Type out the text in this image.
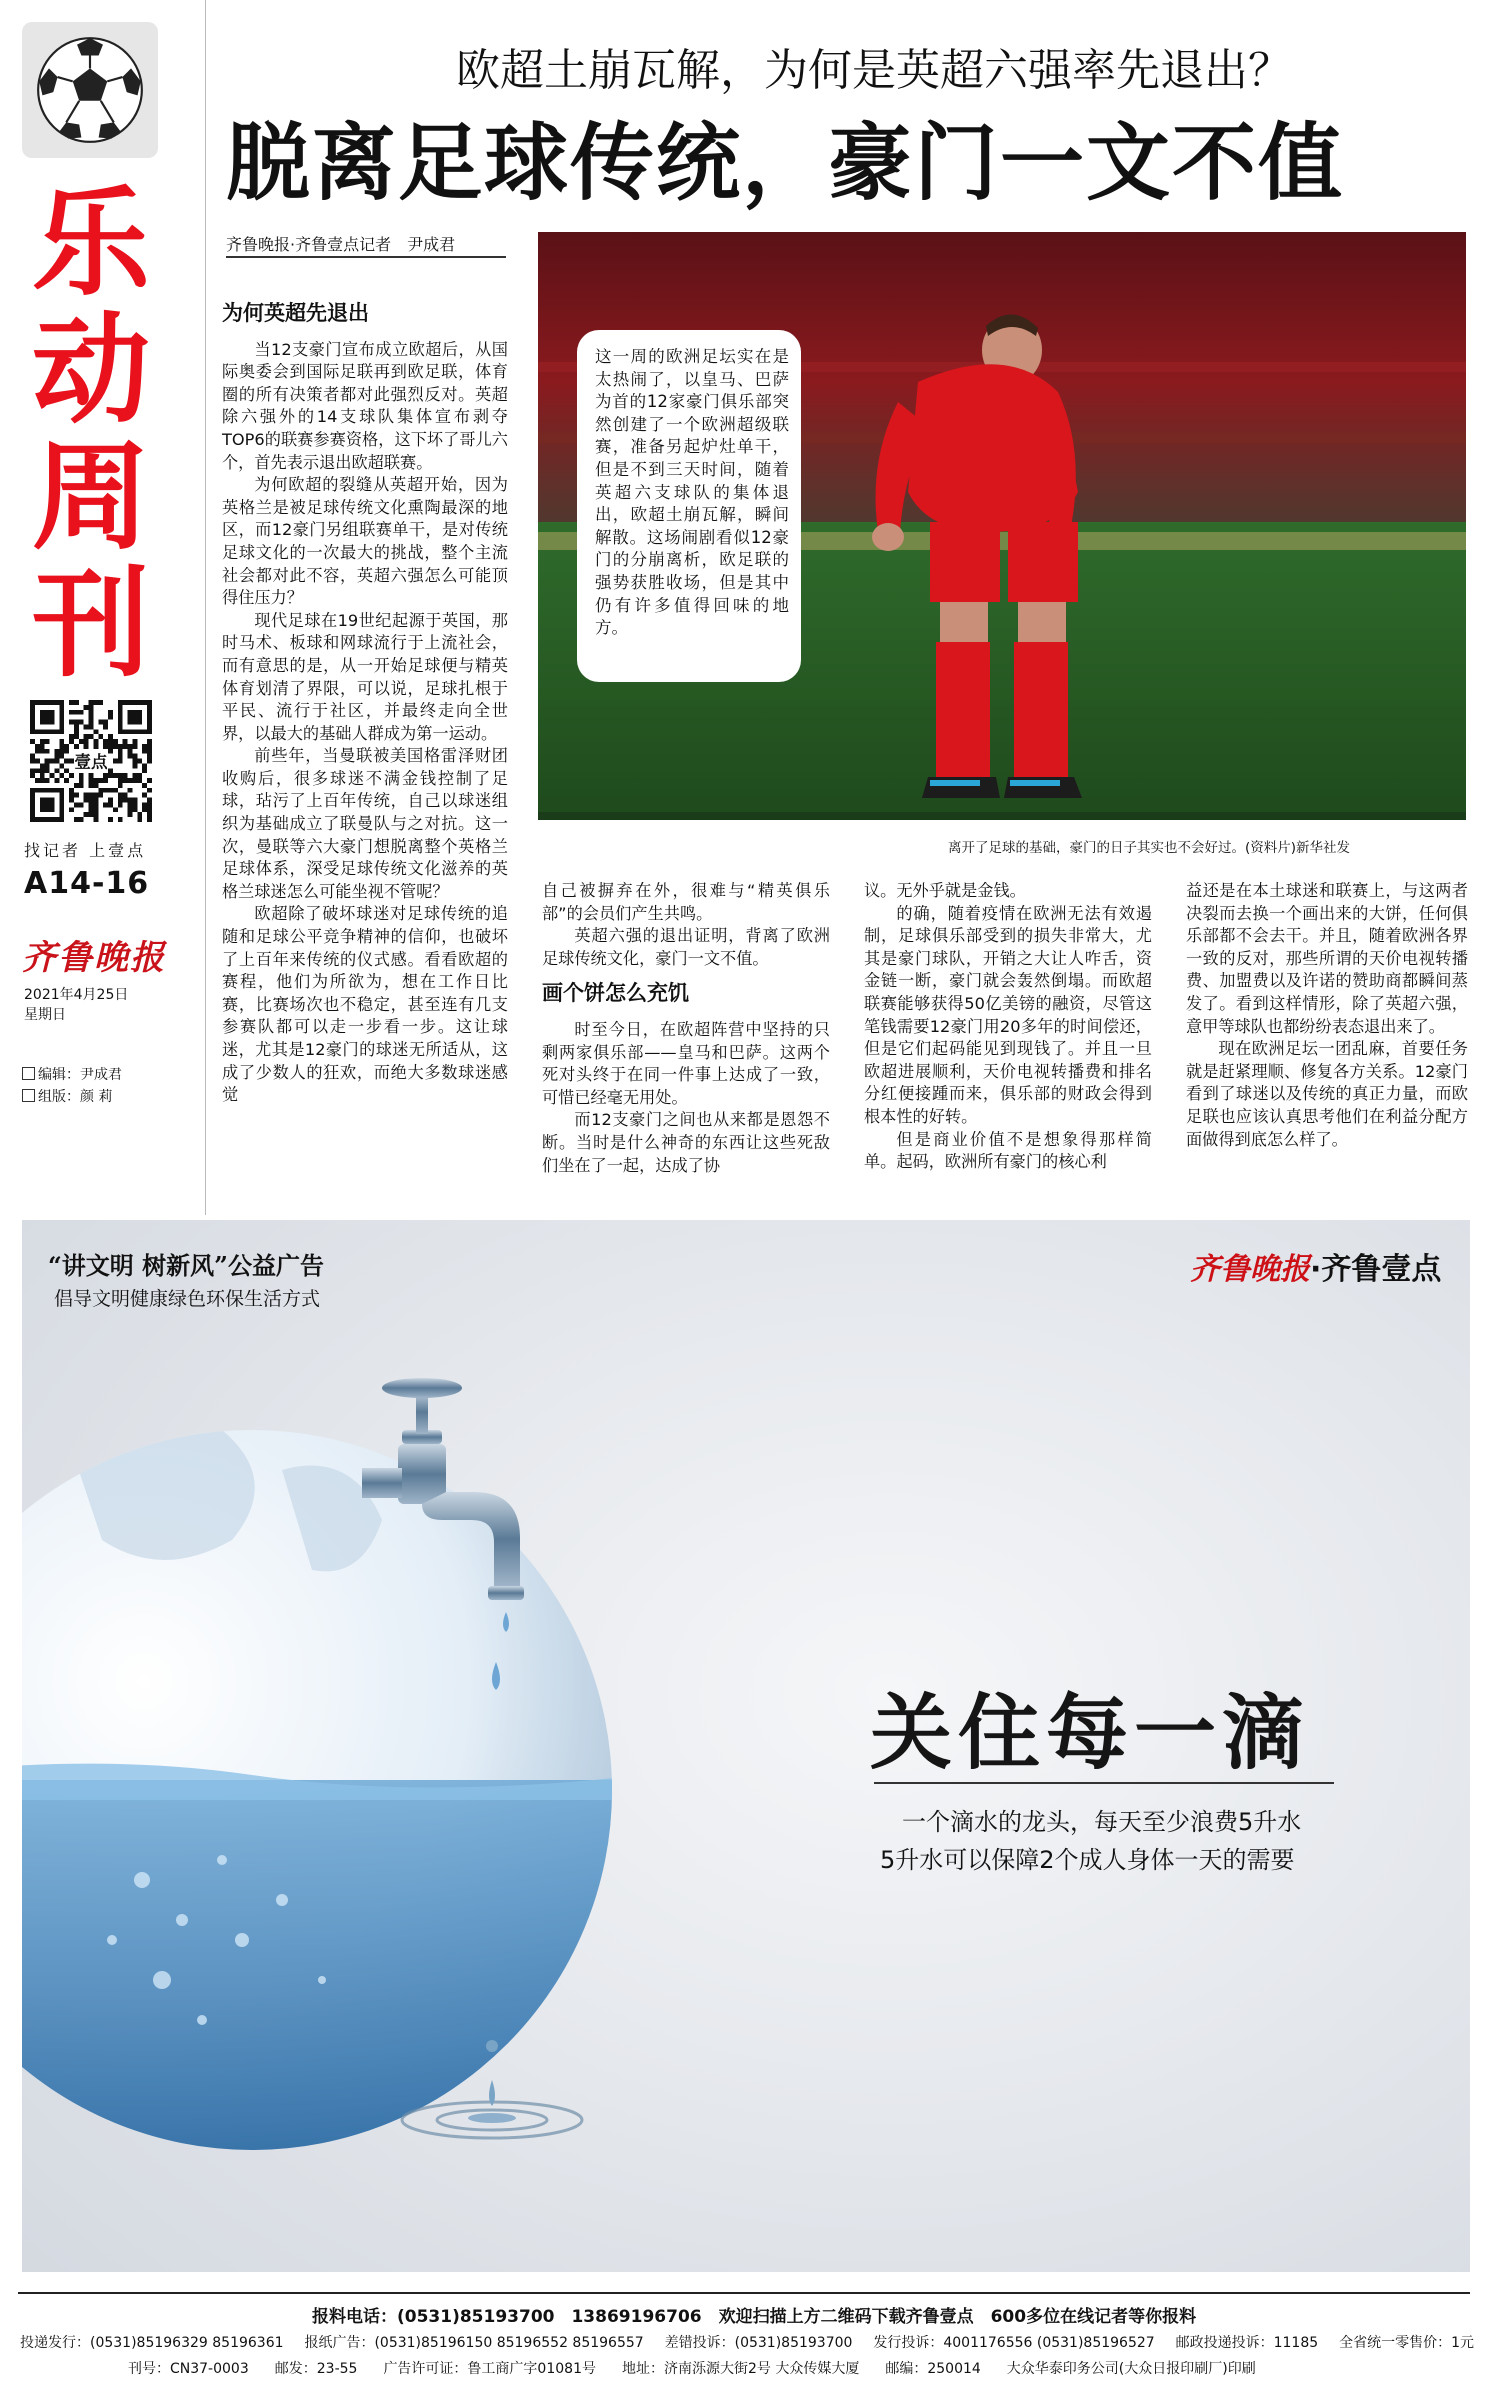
乐
动
周
刊
壹点
找记者 上壹点
A14-16
齐鲁晚报
2021年4月25日
星期日
编辑：尹成君
组版：颜 莉
欧超土崩瓦解，为何是英超六强率先退出？
脱离足球传统，豪门一文不值
齐鲁晚报·齐鲁壹点记者　尹成君
这一周的欧洲足坛实在是太热闹了，以皇马、巴萨为首的12家豪门俱乐部突然创建了一个欧洲超级联赛，准备另起炉灶单干，但是不到三天时间，随着英超六支球队的集体退出，欧超土崩瓦解，瞬间解散。这场闹剧看似12豪门的分崩离析，欧足联的强势获胜收场，但是其中仍有许多值得回味的地方。
离开了足球的基础，豪门的日子其实也不会好过。(资料片)新华社发

为何英超先退出

当12支豪门宣布成立欧超后，从国际奥委会到国际足联再到欧足联，体育圈的所有决策者都对此强烈反对。英超除六强外的14支球队集体宣布剥夺TOP6的联赛参赛资格，这下坏了哥儿六个，首先表示退出欧超联赛。

为何欧超的裂缝从英超开始，因为英格兰是被足球传统文化熏陶最深的地区，而12豪门另组联赛单干，是对传统足球文化的一次最大的挑战，整个主流社会都对此不容，英超六强怎么可能顶得住压力？

现代足球在19世纪起源于英国，那时马术、板球和网球流行于上流社会，而有意思的是，从一开始足球便与精英体育划清了界限，可以说，足球扎根于平民、流行于社区，并最终走向全世界，以最大的基础人群成为第一运动。

前些年，当曼联被美国格雷泽财团收购后，很多球迷不满金钱控制了足球，玷污了上百年传统，自己以球迷组织为基础成立了联曼队与之对抗。这一次，曼联等六大豪门想脱离整个英格兰足球体系，深受足球传统文化滋养的英格兰球迷怎么可能坐视不管呢？

欧超除了破坏球迷对足球传统的追随和足球公平竞争精神的信仰，也破坏了上百年来传统的仪式感。看看欧超的赛程，他们为所欲为，想在工作日比赛，比赛场次也不稳定，甚至连有几支参赛队都可以走一步看一步。这让球迷，尤其是12豪门的球迷无所适从，这成了少数人的狂欢，而绝大多数球迷感觉

自己被摒弃在外，很难与“精英俱乐部”的会员们产生共鸣。

英超六强的退出证明，背离了欧洲足球传统文化，豪门一文不值。

画个饼怎么充饥

时至今日，在欧超阵营中坚持的只剩两家俱乐部——皇马和巴萨。这两个死对头终于在同一件事上达成了一致，可惜已经毫无用处。

而12支豪门之间也从来都是恩怨不断。当时是什么神奇的东西让这些死敌们坐在了一起，达成了协

议。无外乎就是金钱。

的确，随着疫情在欧洲无法有效遏制，足球俱乐部受到的损失非常大，尤其是豪门球队，开销之大让人咋舌，资金链一断，豪门就会轰然倒塌。而欧超联赛能够获得50亿美镑的融资，尽管这笔钱需要12豪门用20多年的时间偿还，但是它们起码能见到现钱了。并且一旦欧超进展顺利，天价电视转播费和排名分红便接踵而来，俱乐部的财政会得到根本性的好转。

但是商业价值不是想象得那样简单。起码，欧洲所有豪门的核心利

益还是在本土球迷和联赛上，与这两者决裂而去换一个画出来的大饼，任何俱乐部都不会去干。并且，随着欧洲各界一致的反对，那些所谓的天价电视转播费、加盟费以及许诺的赞助商都瞬间蒸发了。看到这样情形，除了英超六强，意甲等球队也都纷纷表态退出来了。

现在欧洲足坛一团乱麻，首要任务就是赶紧理顺、修复各方关系。12豪门看到了球迷以及传统的真正力量，而欧足联也应该认真思考他们在利益分配方面做得到底怎么样了。

“讲文明 树新风”公益广告
倡导文明健康绿色环保生活方式
齐鲁晚报·齐鲁壹点
关住每一滴
一个滴水的龙头，每天至少浪费5升水
5升水可以保障2个成人身体一天的需要
报料电话：(0531)85193700　13869196706　欢迎扫描上方二维码下载齐鲁壹点　600多位在线记者等你报料
投递发行：(0531)85196329 85196361 报纸广告：(0531)85196150 85196552 85196557 差错投诉：(0531)85193700 发行投诉：4001176556 (0531)85196527 邮政投递投诉：11185 全省统一零售价：1元
刊号：CN37-0003 邮发：23-55 广告许可证：鲁工商广字01081号 地址：济南泺源大街2号 大众传媒大厦 邮编：250014 大众华泰印务公司(大众日报印刷厂)印刷
